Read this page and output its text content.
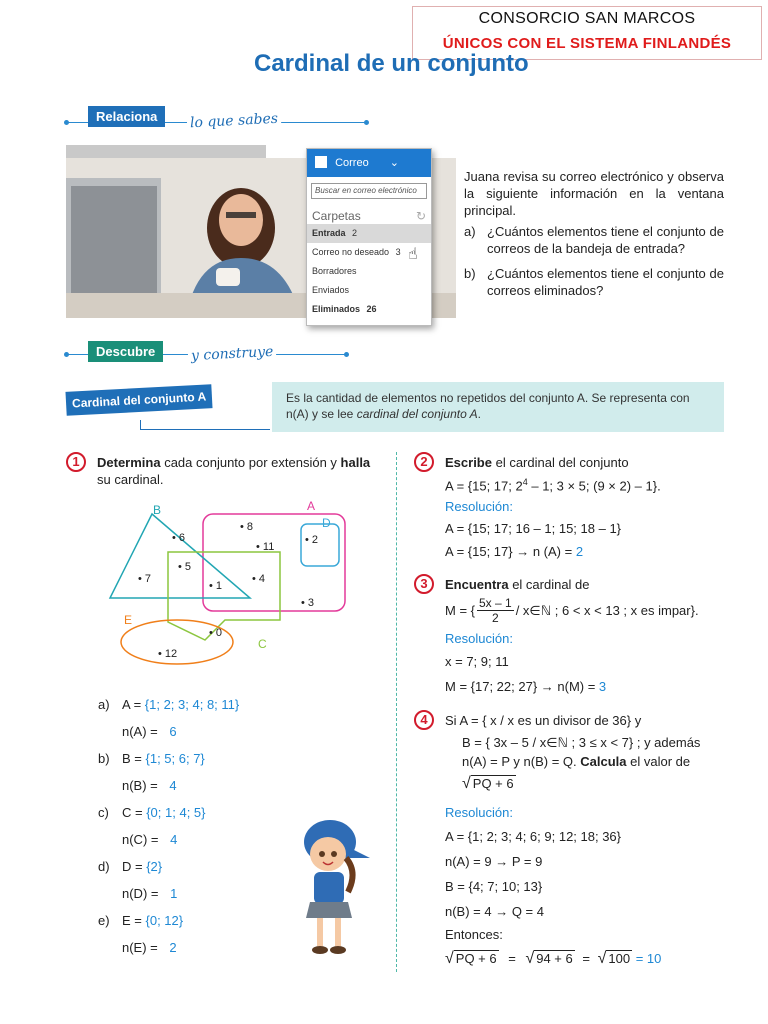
CONSORCIO SAN MARCOS
ÚNICOS CON EL SISTEMA FINLANDÉS
Cardinal de un conjunto
Relaciona	lo que sabes
Correo ⌄
Buscar en correo electrónico
Carpetas	↻
Entrada 2
Correo no deseado 3
Borradores
Enviados
Eliminados 26
☝

Juana revisa su correo electrónico y observa la siguiente información en la ventana principal.

a) ¿Cuántos elementos tiene el conjunto de correos de la bandeja de entrada?
b) ¿Cuántos elementos tiene el conjunto de correos eliminados?
Descubre	y construye
Cardinal del conjunto A	Es la cantidad de elementos no repetidos del conjunto A. Se representa con n(A) y se lee cardinal del conjunto A.
1	Determina cada conjunto por extensión y halla su cardinal.
B	A
D
E
C
• 6
• 8
• 11
• 2
• 5
• 7
• 1
• 4
• 3
• 0
• 12
a) A = {1; 2; 3; 4; 8; 11}
n(A) = 6
b) B = {1; 5; 6; 7}
n(B) = 4
c) C = {0; 1; 4; 5}
n(C) = 4
d) D = {2}
n(D) = 1
e) E = {0; 12}
n(E) = 2
2	Escribe el cardinal del conjunto
A = {15; 17; $2^4 - 1$; 3 × 5; (9 × 2) – 1}.
Resolución:
A = {15; 17; 16 – 1; 15; 18 – 1}
A = {15; 17} → n (A) = 2
3	Encuentra el cardinal de
M = { $\frac{5x - 1}{2}$ / x∈ℕ ; 6 < x < 13 ; x es impar}.
Resolución:
x = 7; 9; 11
M = {17; 22; 27} → n(M) = 3
4	Si A = { x / x es un divisor de 36} y
B = { 3x – 5 / x∈ℕ ; 3 ≤ x < 7} ; y además
n(A) = P y n(B) = Q. Calcula el valor de
√ PQ + 6
Resolución:
A = {1; 2; 3; 4; 6; 9; 12; 18; 36}
n(A) = 9 → P = 9
B = {4; 7; 10; 13}
n(B) = 4 → Q = 4
Entonces:
√ PQ + 6 = √ 94 + 6 = √ 100 = 10
